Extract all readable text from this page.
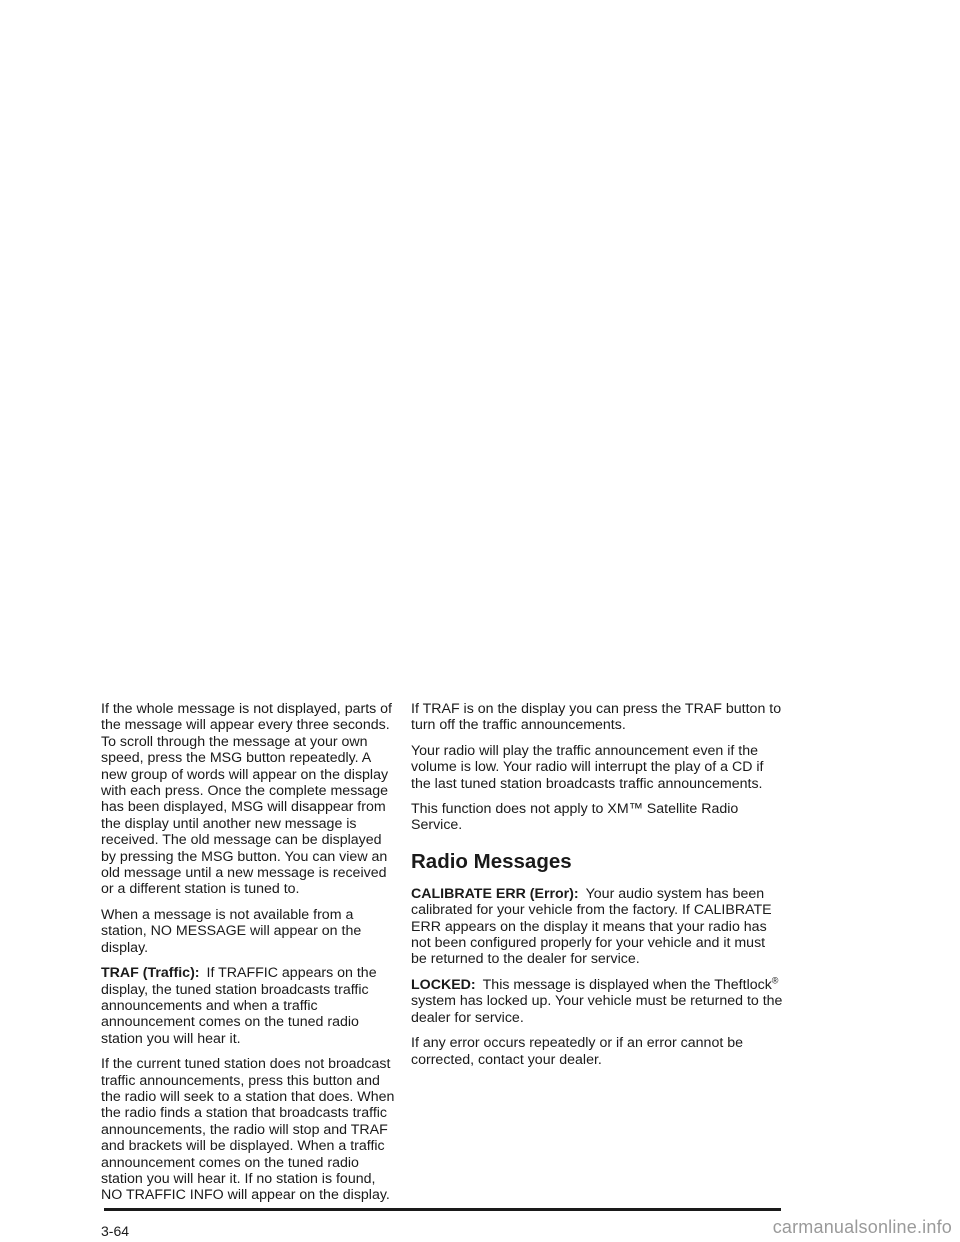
If the whole message is not displayed, parts of the message will appear every three seconds. To scroll through the message at your own speed, press the MSG button repeatedly. A new group of words will appear on the display with each press. Once the complete message has been displayed, MSG will disappear from the display until another new message is received. The old message can be displayed by pressing the MSG button. You can view an old message until a new message is received or a different station is tuned to.

When a message is not available from a station, NO MESSAGE will appear on the display.

TRAF (Traffic): If TRAFFIC appears on the display, the tuned station broadcasts traffic announcements and when a traffic announcement comes on the tuned radio station you will hear it.

If the current tuned station does not broadcast traffic announcements, press this button and the radio will seek to a station that does. When the radio finds a station that broadcasts traffic announcements, the radio will stop and TRAF and brackets will be displayed. When a traffic announcement comes on the tuned radio station you will hear it. If no station is found, NO TRAFFIC INFO will appear on the display.

If TRAF is on the display you can press the TRAF button to turn off the traffic announcements.

Your radio will play the traffic announcement even if the volume is low. Your radio will interrupt the play of a CD if the last tuned station broadcasts traffic announcements.

This function does not apply to XM™ Satellite Radio Service.

Radio Messages

CALIBRATE ERR (Error): Your audio system has been calibrated for your vehicle from the factory. If CALIBRATE ERR appears on the display it means that your radio has not been configured properly for your vehicle and it must be returned to the dealer for service.

LOCKED: This message is displayed when the Theftlock® system has locked up. Your vehicle must be returned to the dealer for service.

If any error occurs repeatedly or if an error cannot be corrected, contact your dealer.

3-64	carmanualsonline.info
